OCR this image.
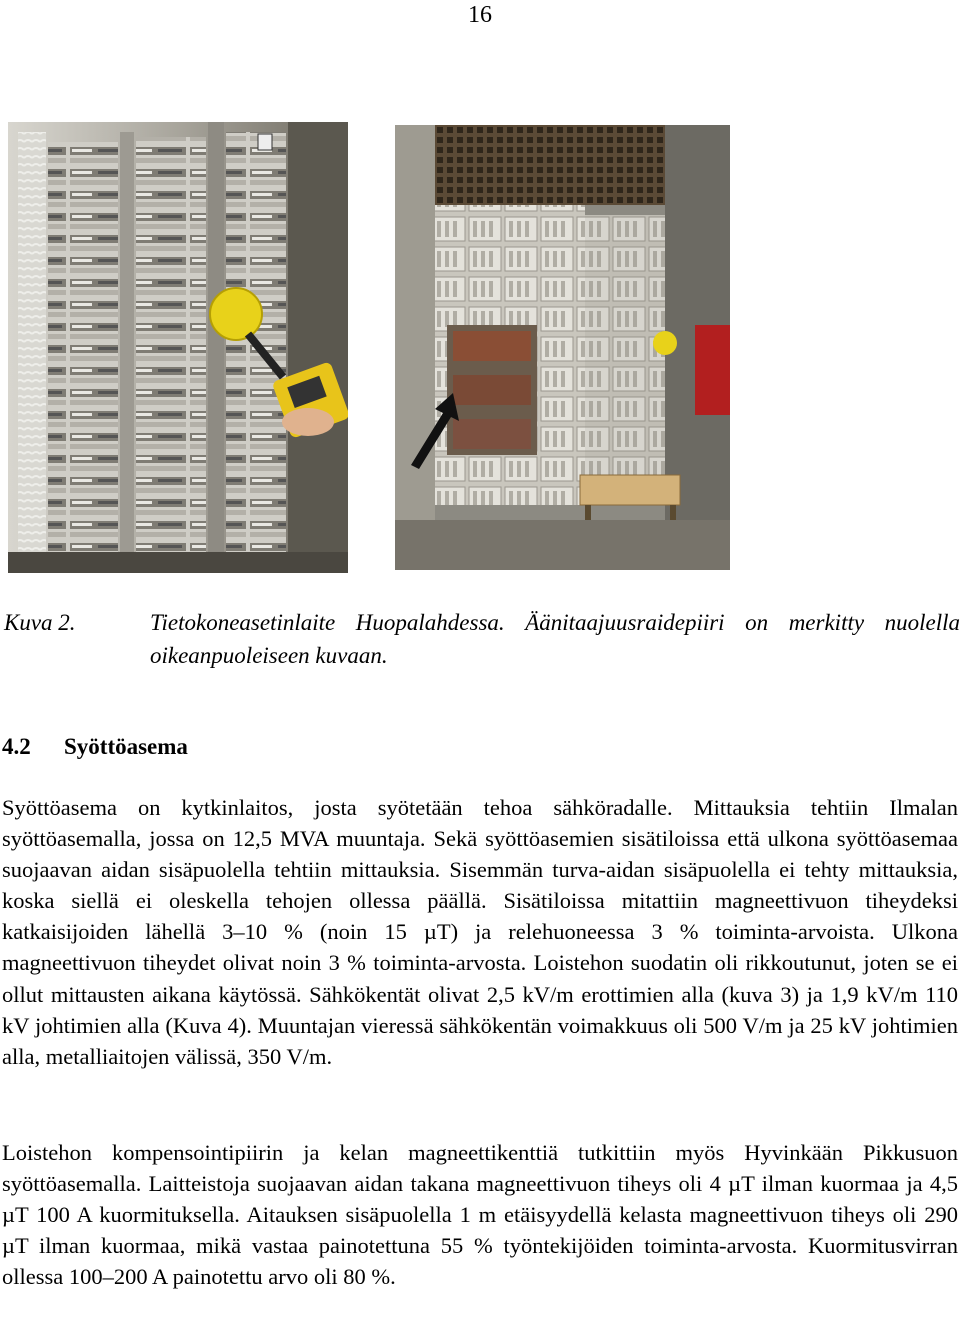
16
Kuva 2.	Tietokoneasetinlaite Huopalahdessa. Äänitaajuusraidepiiri on merkitty nuolella oikeanpuoleiseen kuvaan.
4.2 Syöttöasema

Syöttöasema on kytkinlaitos, josta syötetään tehoa sähköradalle. Mittauksia tehtiin Ilmalan syöttöasemalla, jossa on 12,5 MVA muuntaja. Sekä syöttöasemien sisätiloissa että ulkona syöttöasemaa suojaavan aidan sisäpuolella tehtiin mittauksia. Sisemmän turva-aidan sisäpuolella ei tehty mittauksia, koska siellä ei oleskella tehojen ollessa päällä. Sisätiloissa mitattiin magneettivuon tiheydeksi katkaisijoiden lähellä 3–10 % (noin 15 µT) ja relehuoneessa 3 % toiminta-arvoista. Ulkona magneettivuon tiheydet olivat noin 3 % toiminta-arvosta. Loistehon suodatin oli rikkoutunut, joten se ei ollut mittausten aikana käytössä. Sähkökentät olivat 2,5 kV/m erottimien alla (kuva 3) ja 1,9 kV/m 110 kV johtimien alla (Kuva 4). Muuntajan vieressä sähkökentän voimakkuus oli 500 V/m ja 25 kV johtimien alla, metalliaitojen välissä, 350 V/m.

Loistehon kompensointipiirin ja kelan magneettikenttiä tutkittiin myös Hyvinkään Pikkusuon syöttöasemalla. Laitteistoja suojaavan aidan takana magneettivuon tiheys oli 4 µT ilman kuormaa ja 4,5 µT 100 A kuormituksella. Aitauksen sisäpuolella 1 m etäisyydellä kelasta magneettivuon tiheys oli 290 µT ilman kuormaa, mikä vastaa painotettuna 55 % työntekijöiden toiminta-arvosta. Kuormitusvirran ollessa 100–200 A painotettu arvo oli 80 %.
